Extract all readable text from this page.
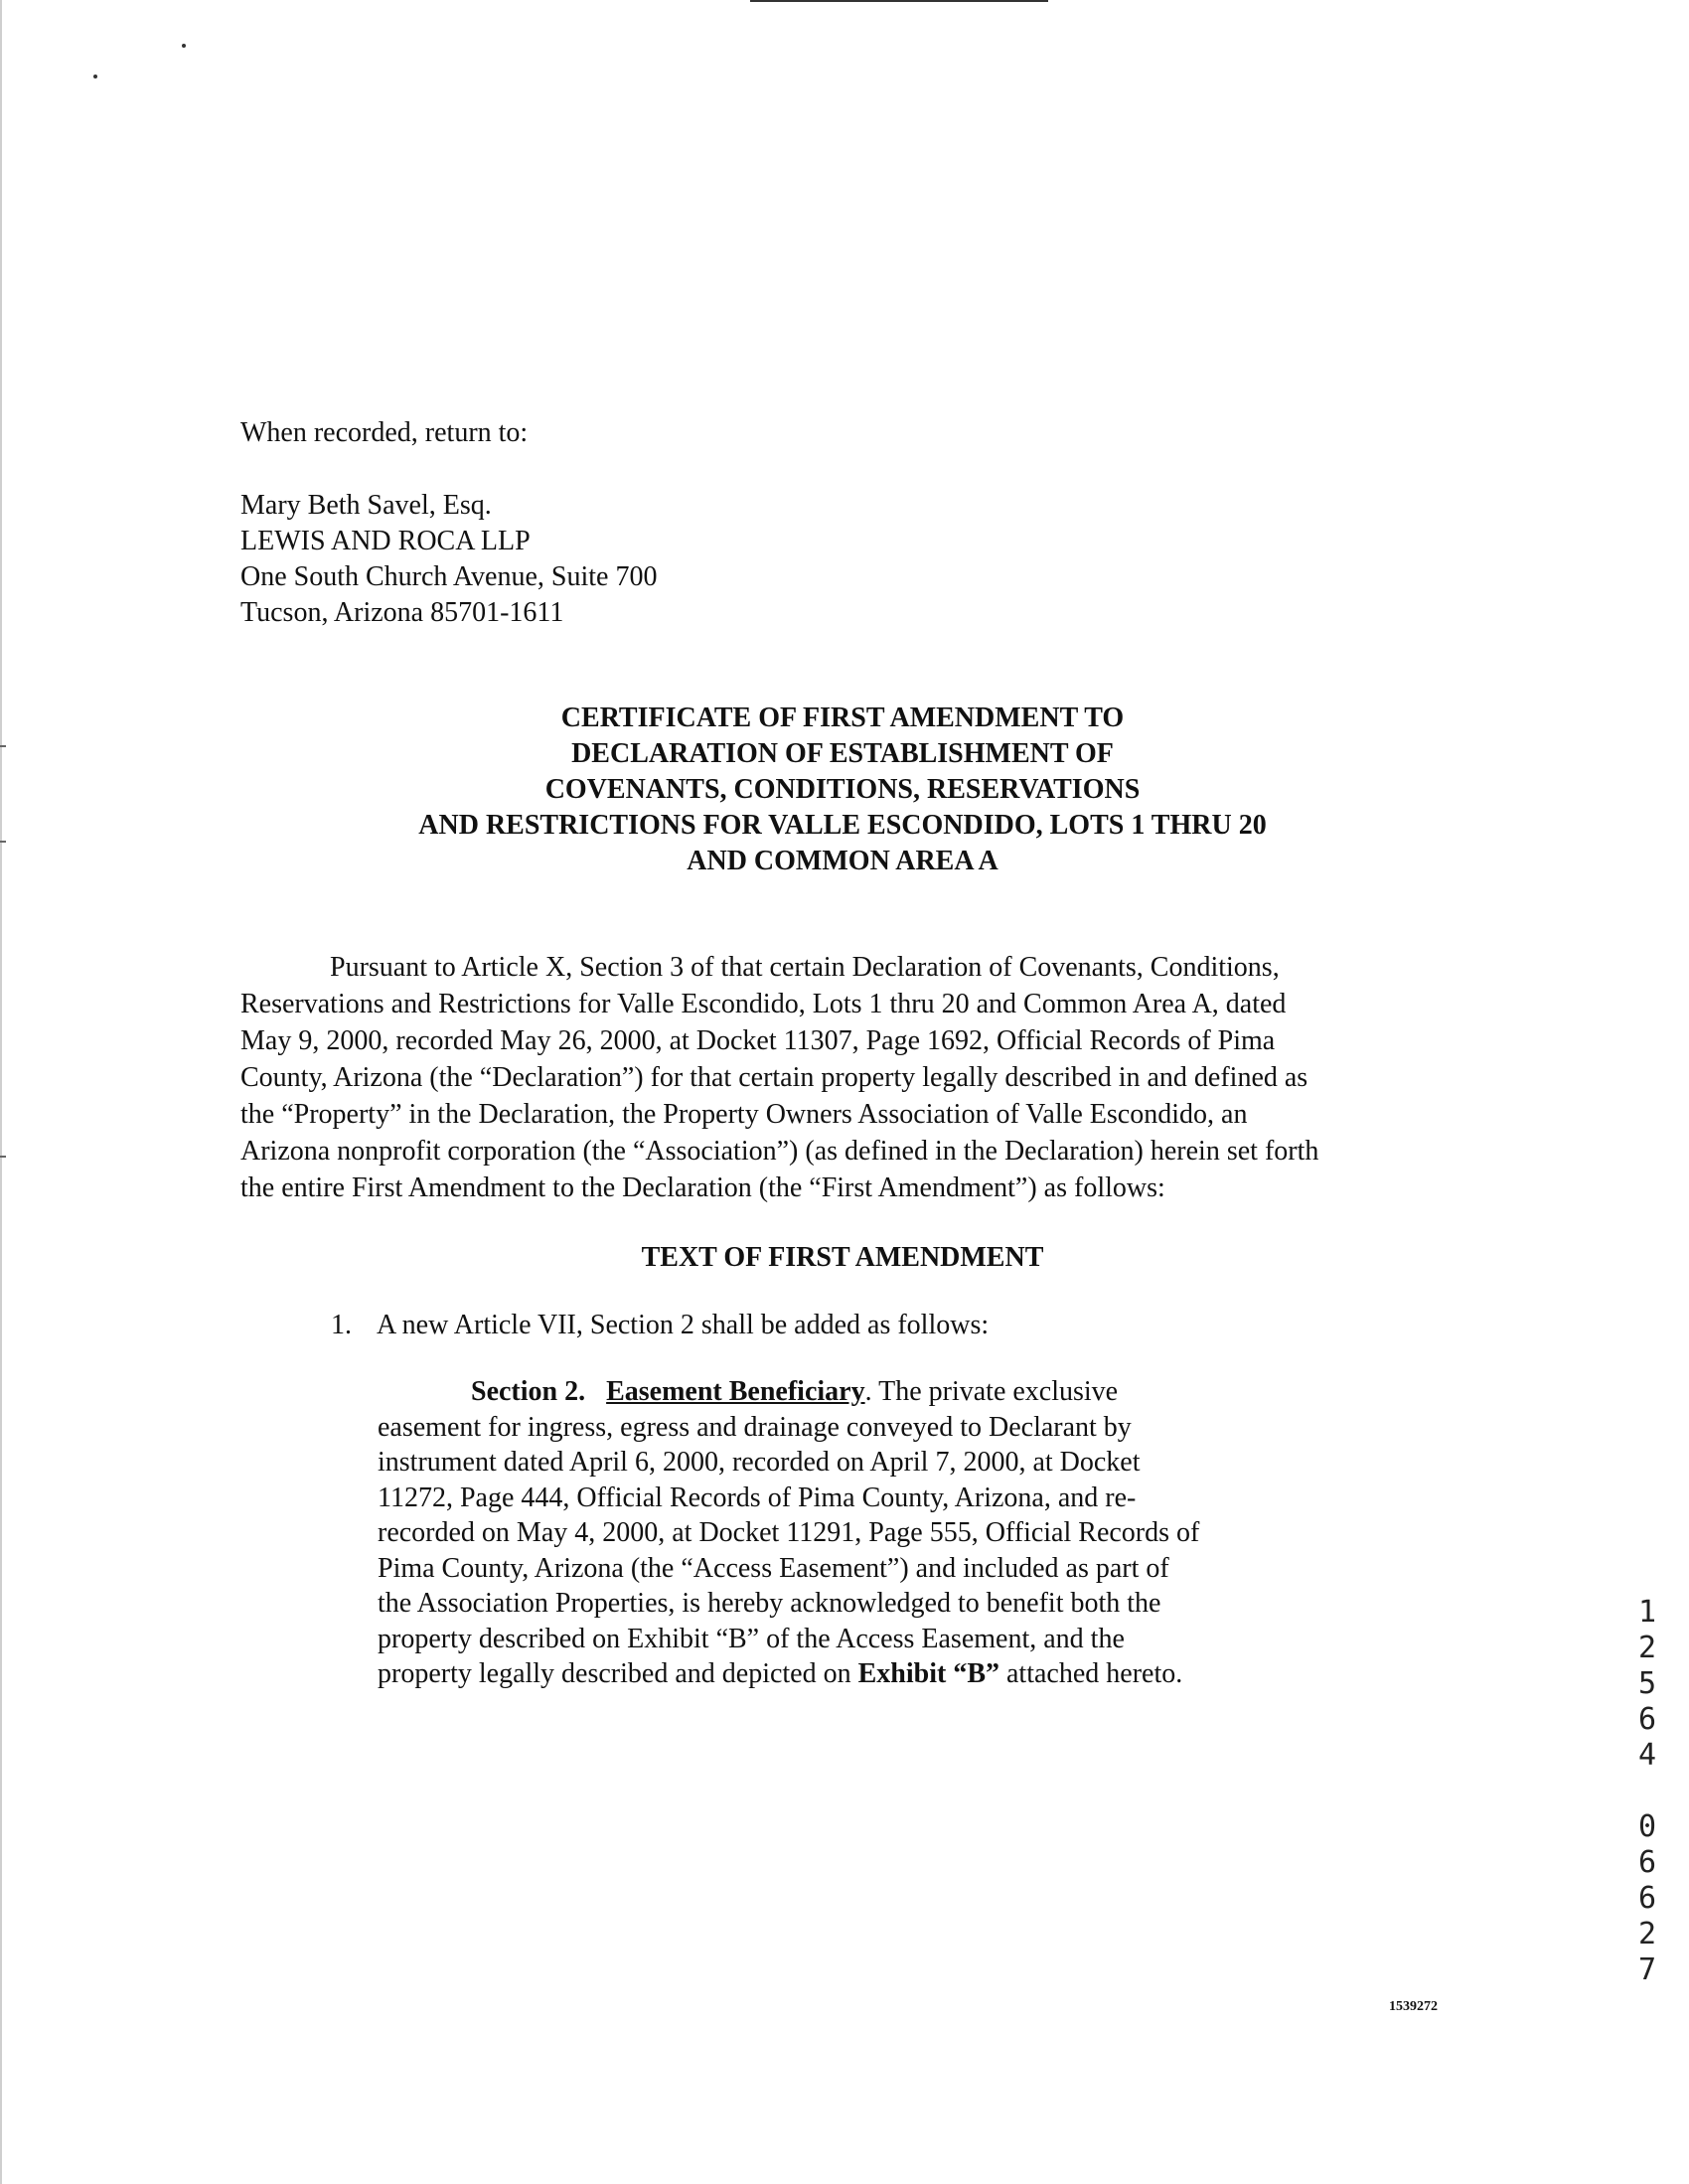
When recorded, return to:
Mary Beth Savel, Esq.
LEWIS AND ROCA LLP
One South Church Avenue, Suite 700
Tucson, Arizona 85701-1611
CERTIFICATE OF FIRST AMENDMENT TO
DECLARATION OF ESTABLISHMENT OF
COVENANTS, CONDITIONS, RESERVATIONS
AND RESTRICTIONS FOR VALLE ESCONDIDO, LOTS 1 THRU 20
AND COMMON AREA A
Pursuant to Article X, Section 3 of that certain Declaration of Covenants, Conditions,
Reservations and Restrictions for Valle Escondido, Lots 1 thru 20 and Common Area A, dated
May 9, 2000, recorded May 26, 2000, at Docket 11307, Page 1692, Official Records of Pima
County, Arizona (the “Declaration”) for that certain property legally described in and defined as
the “Property” in the Declaration, the Property Owners Association of Valle Escondido, an
Arizona nonprofit corporation (the “Association”) (as defined in the Declaration) herein set forth
the entire First Amendment to the Declaration (the “First Amendment”) as follows:
TEXT OF FIRST AMENDMENT
1. A new Article VII, Section 2 shall be added as follows:
Section 2. Easement Beneficiary. The private exclusive
easement for ingress, egress and drainage conveyed to Declarant by
instrument dated April 6, 2000, recorded on April 7, 2000, at Docket
11272, Page 444, Official Records of Pima County, Arizona, and re-
recorded on May 4, 2000, at Docket 11291, Page 555, Official Records of
Pima County, Arizona (the “Access Easement”) and included as part of
the Association Properties, is hereby acknowledged to benefit both the
property described on Exhibit “B” of the Access Easement, and the
property legally described and depicted on Exhibit “B” attached hereto.
1539272
1
2
5
6
4
0
6
6
2
7
